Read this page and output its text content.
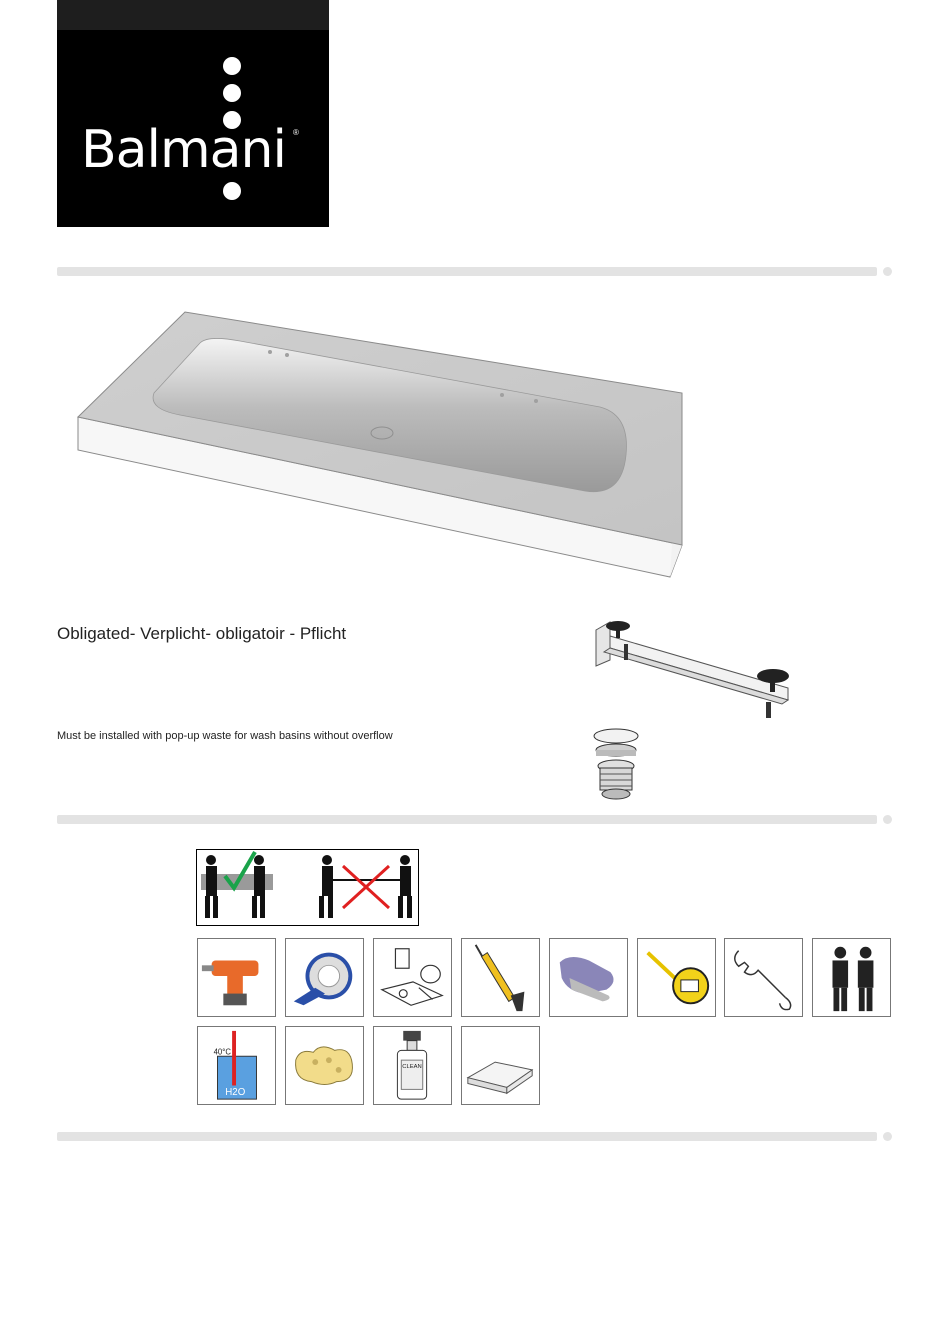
Balmani ®
Obligated- Verplicht- obligatoir - Pflicht
Must be installed with pop-up waste for wash basins without overflow
40°C
H2O
CLEAN
